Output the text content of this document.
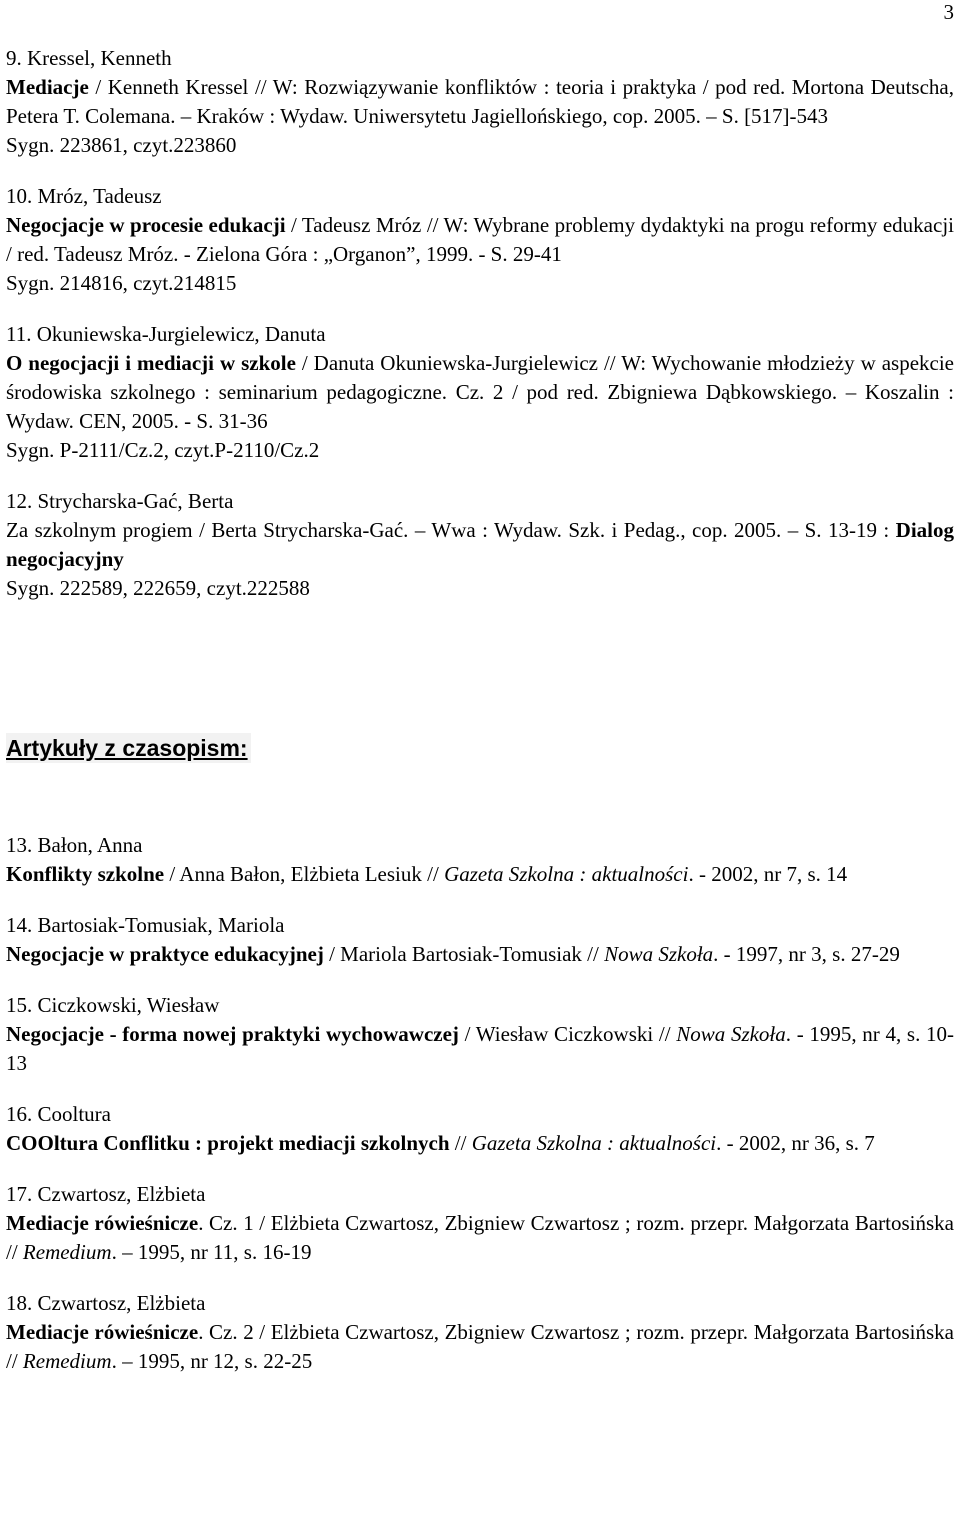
3

9. Kressel, Kenneth

Mediacje / Kenneth Kressel // W: Rozwiązywanie konfliktów : teoria i praktyka / pod red. Mortona Deutscha, Petera T. Colemana. – Kraków : Wydaw. Uniwersytetu Jagiellońskiego, cop. 2005. – S. [517]-543

Sygn. 223861, czyt.223860

10. Mróz, Tadeusz

Negocjacje w procesie edukacji / Tadeusz Mróz // W: Wybrane problemy dydaktyki na progu reformy edukacji / red. Tadeusz Mróz. - Zielona Góra : „Organon”, 1999. - S. 29-41

Sygn. 214816, czyt.214815

11. Okuniewska-Jurgielewicz, Danuta

O negocjacji i mediacji w szkole / Danuta Okuniewska-Jurgielewicz // W: Wychowanie młodzieży w aspekcie środowiska szkolnego : seminarium pedagogiczne. Cz. 2 / pod red. Zbigniewa Dąbkowskiego. – Koszalin : Wydaw. CEN, 2005. - S. 31-36

Sygn. P-2111/Cz.2, czyt.P-2110/Cz.2

12. Strycharska-Gać, Berta

Za szkolnym progiem / Berta Strycharska-Gać. – Wwa : Wydaw. Szk. i Pedag., cop. 2005. – S. 13-19 : Dialog negocjacyjny

Sygn. 222589, 222659, czyt.222588

Artykuły z czasopism:

13. Bałon, Anna

Konflikty szkolne / Anna Bałon, Elżbieta Lesiuk // Gazeta Szkolna : aktualności. - 2002, nr 7, s. 14

14. Bartosiak-Tomusiak, Mariola

Negocjacje w praktyce edukacyjnej / Mariola Bartosiak-Tomusiak // Nowa Szkoła. - 1997, nr 3, s. 27-29

15. Ciczkowski, Wiesław

Negocjacje - forma nowej praktyki wychowawczej / Wiesław Ciczkowski // Nowa Szkoła. - 1995, nr 4, s. 10-13

16. Cooltura

COOltura Conflitku : projekt mediacji szkolnych // Gazeta Szkolna : aktualności. - 2002, nr 36, s. 7

17. Czwartosz, Elżbieta

Mediacje rówieśnicze. Cz. 1 / Elżbieta Czwartosz, Zbigniew Czwartosz ; rozm. przepr. Małgorzata Bartosińska // Remedium. – 1995, nr 11, s. 16-19

18. Czwartosz, Elżbieta

Mediacje rówieśnicze. Cz. 2 / Elżbieta Czwartosz, Zbigniew Czwartosz ; rozm. przepr. Małgorzata Bartosińska // Remedium. – 1995, nr 12, s. 22-25
